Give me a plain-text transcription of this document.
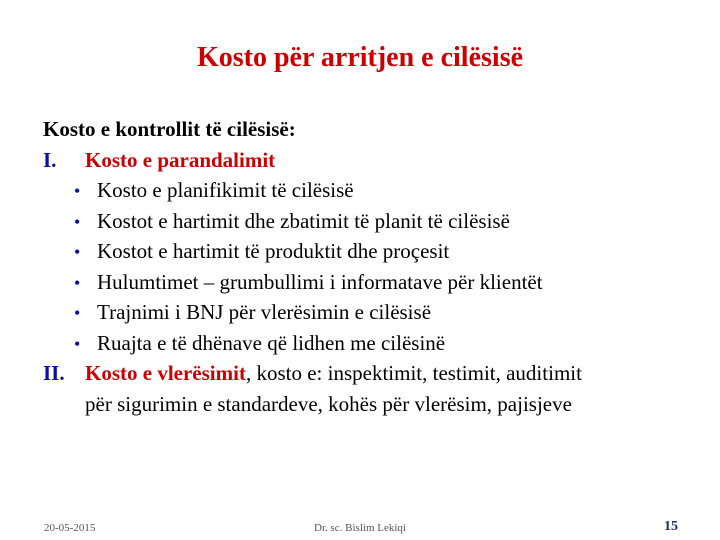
Kosto për arritjen e cilësisë
Kosto e kontrollit të cilësisë:
I. Kosto e parandalimit
• Kosto e planifikimit të cilësisë
• Kostot e hartimit dhe zbatimit të planit të cilësisë
• Kostot e hartimit të produktit dhe proçesit
• Hulumtimet – grumbullimi i informatave për klientët
• Trajnimi i BNJ për vlerësimin e cilësisë
• Ruajta e të dhënave që lidhen me cilësinë
II. Kosto e vlerësimit, kosto e: inspektimit, testimit, auditimit
për sigurimin e standardeve, kohës për vlerësim, pajisjeve
20-05-2015	Dr. sc. Bislim Lekiqi	15
